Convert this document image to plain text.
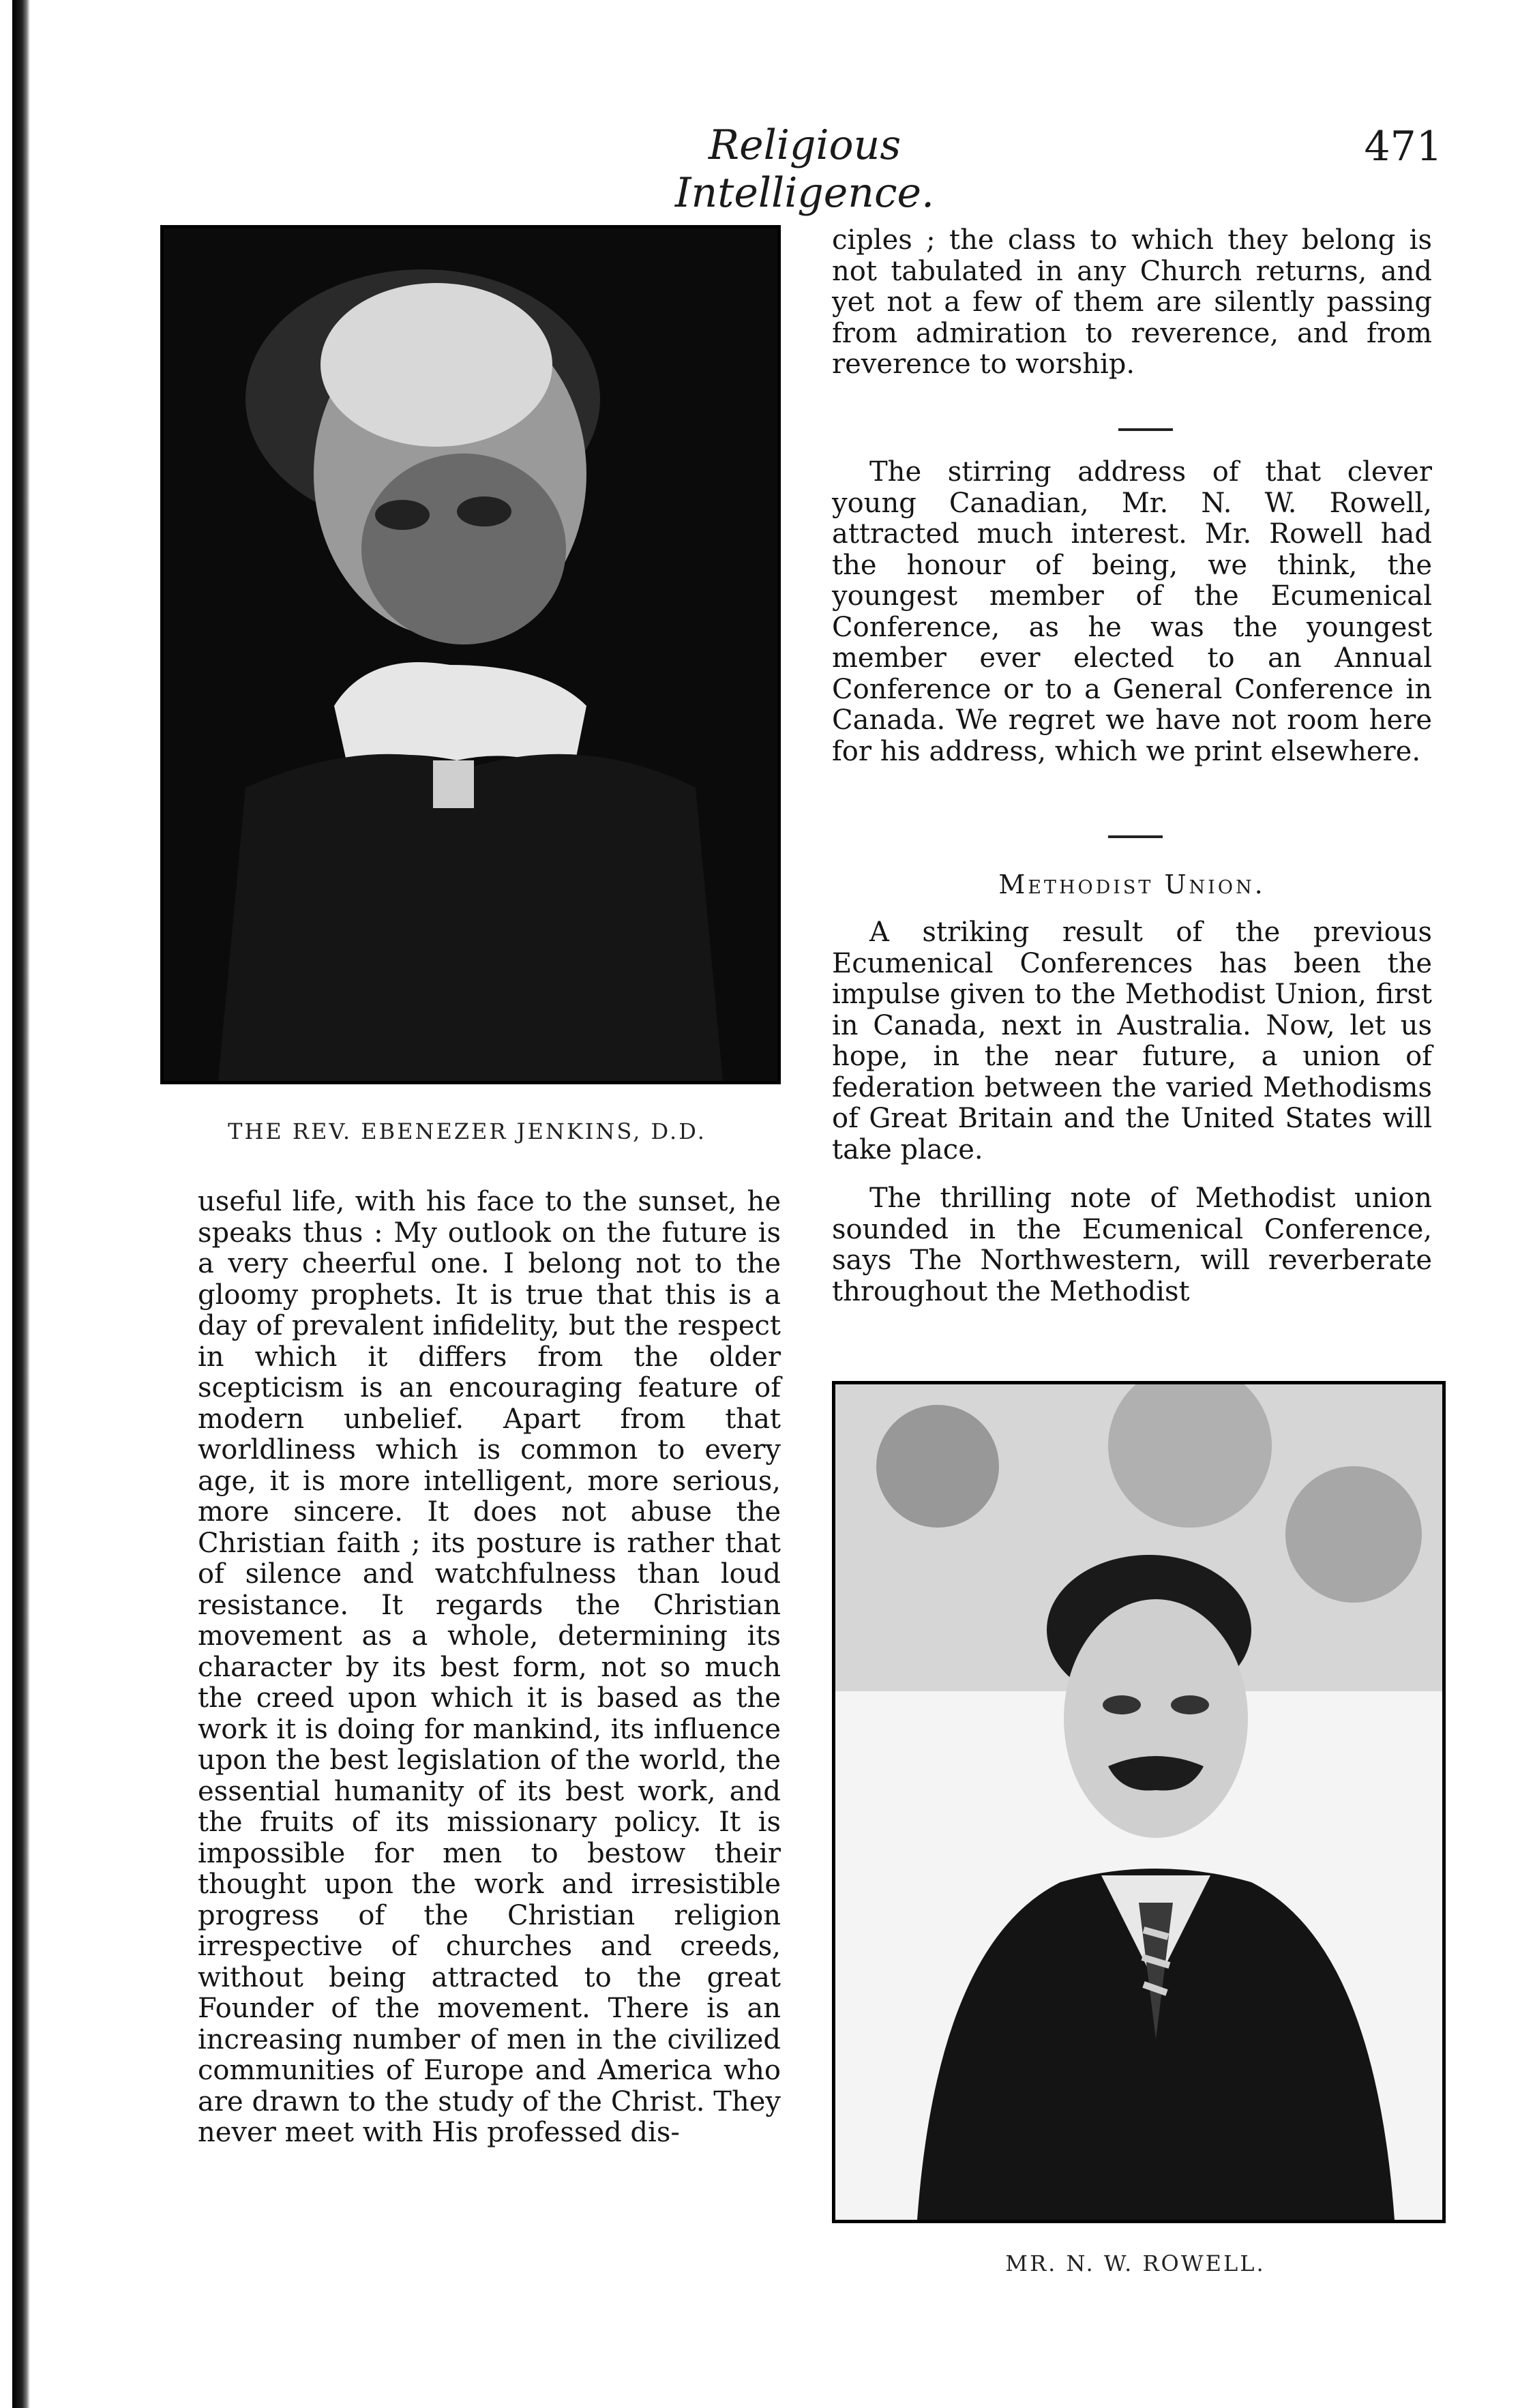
Religious Intelligence.
471
THE REV. EBENEZER JENKINS, D.D.

useful life, with his face to the sunset, he speaks thus : My outlook on the future is a very cheerful one. I belong not to the gloomy prophets. It is true that this is a day of prevalent infidelity, but the respect in which it differs from the older scepticism is an encouraging feature of modern unbelief. Apart from that worldliness which is common to every age, it is more intelligent, more serious, more sincere. It does not abuse the Christian faith ; its posture is rather that of silence and watchfulness than loud resistance. It regards the Christian movement as a whole, determining its character by its best form, not so much the creed upon which it is based as the work it is doing for mankind, its influence upon the best legislation of the world, the essential humanity of its best work, and the fruits of its missionary policy. It is impossible for men to bestow their thought upon the work and irresistible progress of the Christian religion irrespective of churches and creeds, without being attracted to the great Founder of the movement. There is an increasing number of men in the civilized communities of Europe and America who are drawn to the study of the Christ. They never meet with His professed dis-

ciples ; the class to which they belong is not tabulated in any Church returns, and yet not a few of them are silently passing from admiration to reverence, and from reverence to worship.

The stirring address of that clever young Canadian, Mr. N. W. Rowell, attracted much interest. Mr. Rowell had the honour of being, we think, the youngest member of the Ecumenical Conference, as he was the youngest member ever elected to an Annual Conference or to a General Conference in Canada. We regret we have not room here for his address, which we print elsewhere.

Methodist Union.

A striking result of the previous Ecumenical Conferences has been the impulse given to the Methodist Union, first in Canada, next in Australia. Now, let us hope, in the near future, a union of federation between the varied Methodisms of Great Britain and the United States will take place.

The thrilling note of Methodist union sounded in the Ecumenical Conference, says The Northwestern, will reverberate throughout the Methodist

MR. N. W. ROWELL.
